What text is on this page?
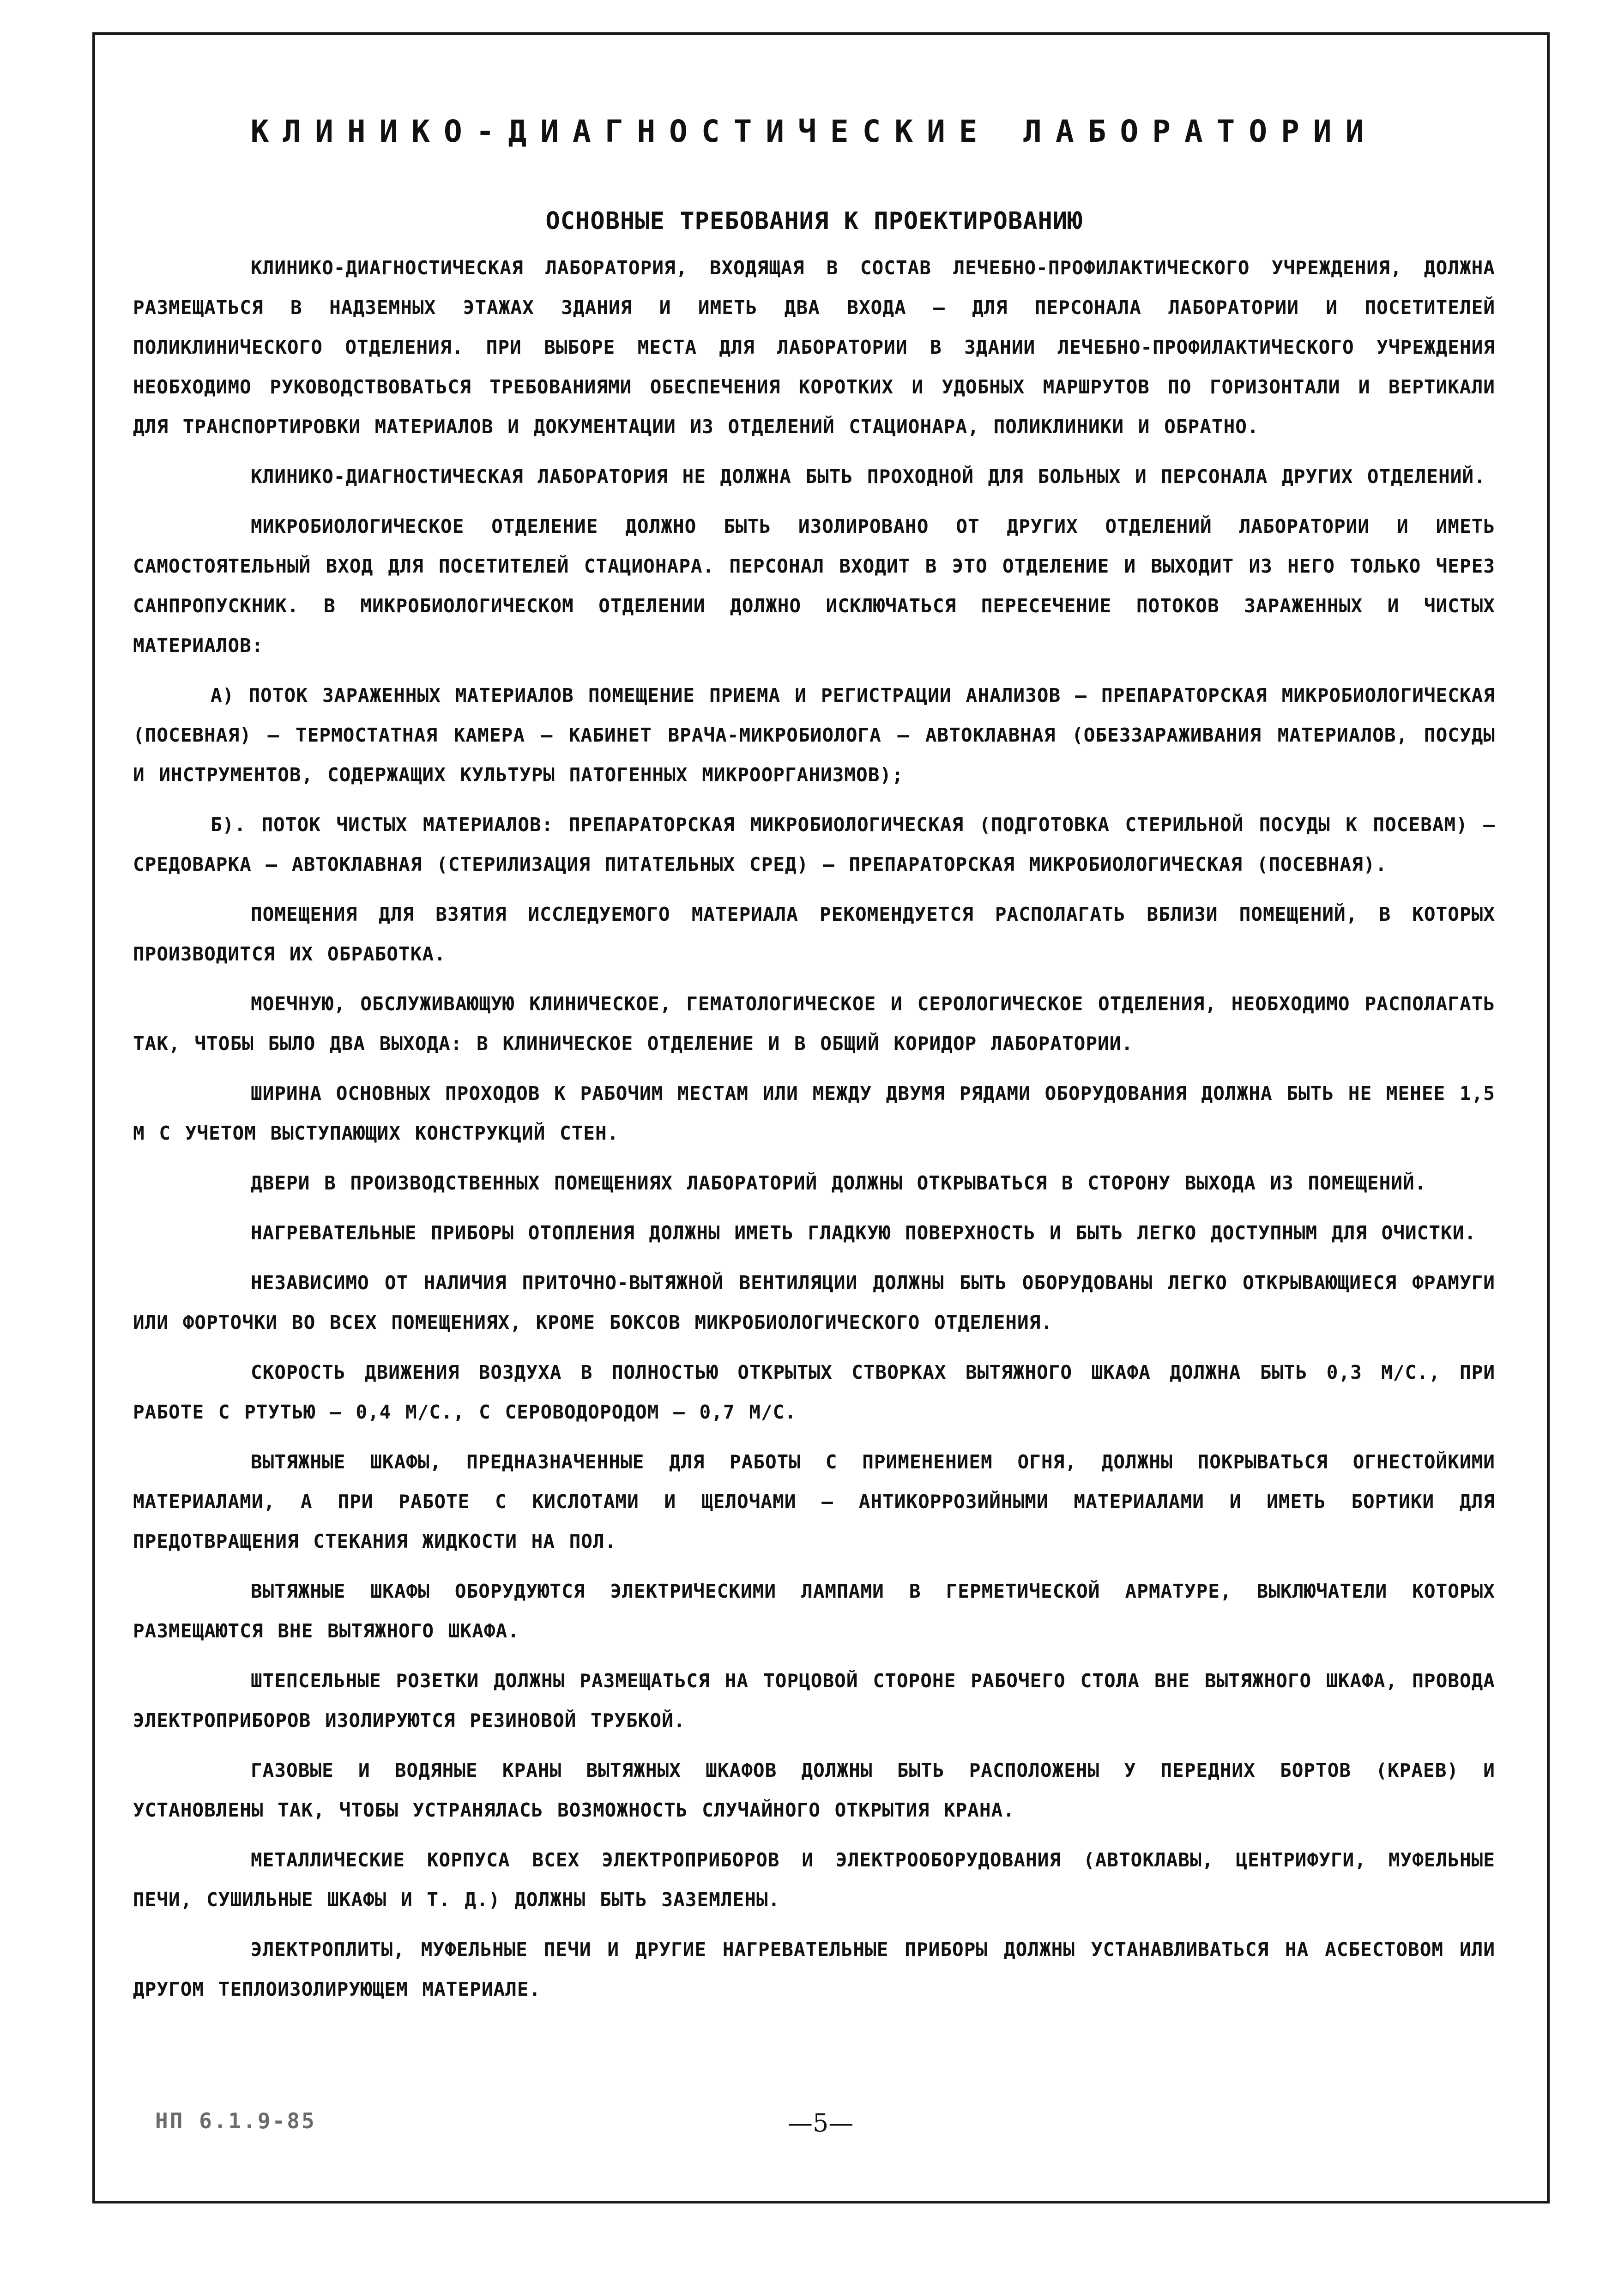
КЛИНИКО-ДИАГНОСТИЧЕСКИЕ ЛАБОРАТОРИИ
ОСНОВНЫЕ ТРЕБОВАНИЯ К ПРОЕКТИРОВАНИЮ

КЛИНИКО-ДИАГНОСТИЧЕСКАЯ ЛАБОРАТОРИЯ, ВХОДЯЩАЯ В СОСТАВ ЛЕЧЕБНО-ПРОФИЛАКТИЧЕСКОГО УЧРЕЖДЕНИЯ, ДОЛЖНА РАЗМЕЩАТЬСЯ В НАДЗЕМНЫХ ЭТАЖАХ ЗДАНИЯ И ИМЕТЬ ДВА ВХОДА — ДЛЯ ПЕРСОНАЛА ЛАБОРАТОРИИ И ПОСЕТИТЕЛЕЙ ПОЛИКЛИНИЧЕСКОГО ОТДЕЛЕНИЯ. ПРИ ВЫБОРЕ МЕСТА ДЛЯ ЛАБОРАТОРИИ В ЗДАНИИ ЛЕЧЕБНО-ПРОФИЛАКТИЧЕСКОГО УЧРЕЖДЕНИЯ НЕОБХОДИМО РУКОВОДСТВОВАТЬСЯ ТРЕБОВАНИЯМИ ОБЕСПЕЧЕНИЯ КОРОТКИХ И УДОБНЫХ МАРШРУТОВ ПО ГОРИЗОНТАЛИ И ВЕРТИКАЛИ ДЛЯ ТРАНСПОРТИРОВКИ МАТЕРИАЛОВ И ДОКУМЕНТАЦИИ ИЗ ОТДЕЛЕНИЙ СТАЦИОНАРА, ПОЛИКЛИНИКИ И ОБРАТНО.

КЛИНИКО-ДИАГНОСТИЧЕСКАЯ ЛАБОРАТОРИЯ НЕ ДОЛЖНА БЫТЬ ПРОХОДНОЙ ДЛЯ БОЛЬНЫХ И ПЕРСОНАЛА ДРУГИХ ОТДЕЛЕНИЙ.

МИКРОБИОЛОГИЧЕСКОЕ ОТДЕЛЕНИЕ ДОЛЖНО БЫТЬ ИЗОЛИРОВАНО ОТ ДРУГИХ ОТДЕЛЕНИЙ ЛАБОРАТОРИИ И ИМЕТЬ САМОСТОЯТЕЛЬНЫЙ ВХОД ДЛЯ ПОСЕТИТЕЛЕЙ СТАЦИОНАРА. ПЕРСОНАЛ ВХОДИТ В ЭТО ОТДЕЛЕНИЕ И ВЫХОДИТ ИЗ НЕГО ТОЛЬКО ЧЕРЕЗ САНПРОПУСКНИК. В МИКРОБИОЛОГИЧЕСКОМ ОТДЕЛЕНИИ ДОЛЖНО ИСКЛЮЧАТЬСЯ ПЕРЕСЕЧЕНИЕ ПОТОКОВ ЗАРАЖЕННЫХ И ЧИСТЫХ МАТЕРИАЛОВ:

А) ПОТОК ЗАРАЖЕННЫХ МАТЕРИАЛОВ ПОМЕЩЕНИЕ ПРИЕМА И РЕГИСТРАЦИИ АНАЛИЗОВ — ПРЕПАРАТОРСКАЯ МИКРОБИОЛОГИЧЕСКАЯ (ПОСЕВНАЯ) — ТЕРМОСТАТНАЯ КАМЕРА — КАБИНЕТ ВРАЧА-МИКРОБИОЛОГА — АВТОКЛАВНАЯ (ОБЕЗЗАРАЖИВАНИЯ МАТЕРИАЛОВ, ПОСУДЫ И ИНСТРУМЕНТОВ, СОДЕРЖАЩИХ КУЛЬТУРЫ ПАТОГЕННЫХ МИКРООРГАНИЗМОВ);

Б). ПОТОК ЧИСТЫХ МАТЕРИАЛОВ: ПРЕПАРАТОРСКАЯ МИКРОБИОЛОГИЧЕСКАЯ (ПОДГОТОВКА СТЕРИЛЬНОЙ ПОСУДЫ К ПОСЕВАМ) — СРЕДОВАРКА — АВТОКЛАВНАЯ (СТЕРИЛИЗАЦИЯ ПИТАТЕЛЬНЫХ СРЕД) — ПРЕПАРАТОРСКАЯ МИКРОБИОЛОГИЧЕСКАЯ (ПОСЕВНАЯ).

ПОМЕЩЕНИЯ ДЛЯ ВЗЯТИЯ ИССЛЕДУЕМОГО МАТЕРИАЛА РЕКОМЕНДУЕТСЯ РАСПОЛАГАТЬ ВБЛИЗИ ПОМЕЩЕНИЙ, В КОТОРЫХ ПРОИЗВОДИТСЯ ИХ ОБРАБОТКА.

МОЕЧНУЮ, ОБСЛУЖИВАЮЩУЮ КЛИНИЧЕСКОЕ, ГЕМАТОЛОГИЧЕСКОЕ И СЕРОЛОГИЧЕСКОЕ ОТДЕЛЕНИЯ, НЕОБХОДИМО РАСПОЛАГАТЬ ТАК, ЧТОБЫ БЫЛО ДВА ВЫХОДА: В КЛИНИЧЕСКОЕ ОТДЕЛЕНИЕ И В ОБЩИЙ КОРИДОР ЛАБОРАТОРИИ.

ШИРИНА ОСНОВНЫХ ПРОХОДОВ К РАБОЧИМ МЕСТАМ ИЛИ МЕЖДУ ДВУМЯ РЯДАМИ ОБОРУДОВАНИЯ ДОЛЖНА БЫТЬ НЕ МЕНЕЕ 1,5 М С УЧЕТОМ ВЫСТУПАЮЩИХ КОНСТРУКЦИЙ СТЕН.

ДВЕРИ В ПРОИЗВОДСТВЕННЫХ ПОМЕЩЕНИЯХ ЛАБОРАТОРИЙ ДОЛЖНЫ ОТКРЫВАТЬСЯ В СТОРОНУ ВЫХОДА ИЗ ПОМЕЩЕНИЙ.

НАГРЕВАТЕЛЬНЫЕ ПРИБОРЫ ОТОПЛЕНИЯ ДОЛЖНЫ ИМЕТЬ ГЛАДКУЮ ПОВЕРХНОСТЬ И БЫТЬ ЛЕГКО ДОСТУПНЫМ ДЛЯ ОЧИСТКИ.

НЕЗАВИСИМО ОТ НАЛИЧИЯ ПРИТОЧНО-ВЫТЯЖНОЙ ВЕНТИЛЯЦИИ ДОЛЖНЫ БЫТЬ ОБОРУДОВАНЫ ЛЕГКО ОТКРЫВАЮЩИЕСЯ ФРАМУГИ ИЛИ ФОРТОЧКИ ВО ВСЕХ ПОМЕЩЕНИЯХ, КРОМЕ БОКСОВ МИКРОБИОЛОГИЧЕСКОГО ОТДЕЛЕНИЯ.

СКОРОСТЬ ДВИЖЕНИЯ ВОЗДУХА В ПОЛНОСТЬЮ ОТКРЫТЫХ СТВОРКАХ ВЫТЯЖНОГО ШКАФА ДОЛЖНА БЫТЬ 0,3 М/С., ПРИ РАБОТЕ С РТУТЬЮ — 0,4 М/С., С СЕРОВОДОРОДОМ — 0,7 М/С.

ВЫТЯЖНЫЕ ШКАФЫ, ПРЕДНАЗНАЧЕННЫЕ ДЛЯ РАБОТЫ С ПРИМЕНЕНИЕМ ОГНЯ, ДОЛЖНЫ ПОКРЫВАТЬСЯ ОГНЕСТОЙКИМИ МАТЕРИАЛАМИ, А ПРИ РАБОТЕ С КИСЛОТАМИ И ЩЕЛОЧАМИ — АНТИКОРРОЗИЙНЫМИ МАТЕРИАЛАМИ И ИМЕТЬ БОРТИКИ ДЛЯ ПРЕДОТВРАЩЕНИЯ СТЕКАНИЯ ЖИДКОСТИ НА ПОЛ.

ВЫТЯЖНЫЕ ШКАФЫ ОБОРУДУЮТСЯ ЭЛЕКТРИЧЕСКИМИ ЛАМПАМИ В ГЕРМЕТИЧЕСКОЙ АРМАТУРЕ, ВЫКЛЮЧАТЕЛИ КОТОРЫХ РАЗМЕЩАЮТСЯ ВНЕ ВЫТЯЖНОГО ШКАФА.

ШТЕПСЕЛЬНЫЕ РОЗЕТКИ ДОЛЖНЫ РАЗМЕЩАТЬСЯ НА ТОРЦОВОЙ СТОРОНЕ РАБОЧЕГО СТОЛА ВНЕ ВЫТЯЖНОГО ШКАФА, ПРОВОДА ЭЛЕКТРОПРИБОРОВ ИЗОЛИРУЮТСЯ РЕЗИНОВОЙ ТРУБКОЙ.

ГАЗОВЫЕ И ВОДЯНЫЕ КРАНЫ ВЫТЯЖНЫХ ШКАФОВ ДОЛЖНЫ БЫТЬ РАСПОЛОЖЕНЫ У ПЕРЕДНИХ БОРТОВ (КРАЕВ) И УСТАНОВЛЕНЫ ТАК, ЧТОБЫ УСТРАНЯЛАСЬ ВОЗМОЖНОСТЬ СЛУЧАЙНОГО ОТКРЫТИЯ КРАНА.

МЕТАЛЛИЧЕСКИЕ КОРПУСА ВСЕХ ЭЛЕКТРОПРИБОРОВ И ЭЛЕКТРООБОРУДОВАНИЯ (АВТОКЛАВЫ, ЦЕНТРИФУГИ, МУФЕЛЬНЫЕ ПЕЧИ, СУШИЛЬНЫЕ ШКАФЫ И Т. Д.) ДОЛЖНЫ БЫТЬ ЗАЗЕМЛЕНЫ.

ЭЛЕКТРОПЛИТЫ, МУФЕЛЬНЫЕ ПЕЧИ И ДРУГИЕ НАГРЕВАТЕЛЬНЫЕ ПРИБОРЫ ДОЛЖНЫ УСТАНАВЛИВАТЬСЯ НА АСБЕСТОВОМ ИЛИ ДРУГОМ ТЕПЛОИЗОЛИРУЮЩЕМ МАТЕРИАЛЕ.

НП 6.1.9-85	—5—
